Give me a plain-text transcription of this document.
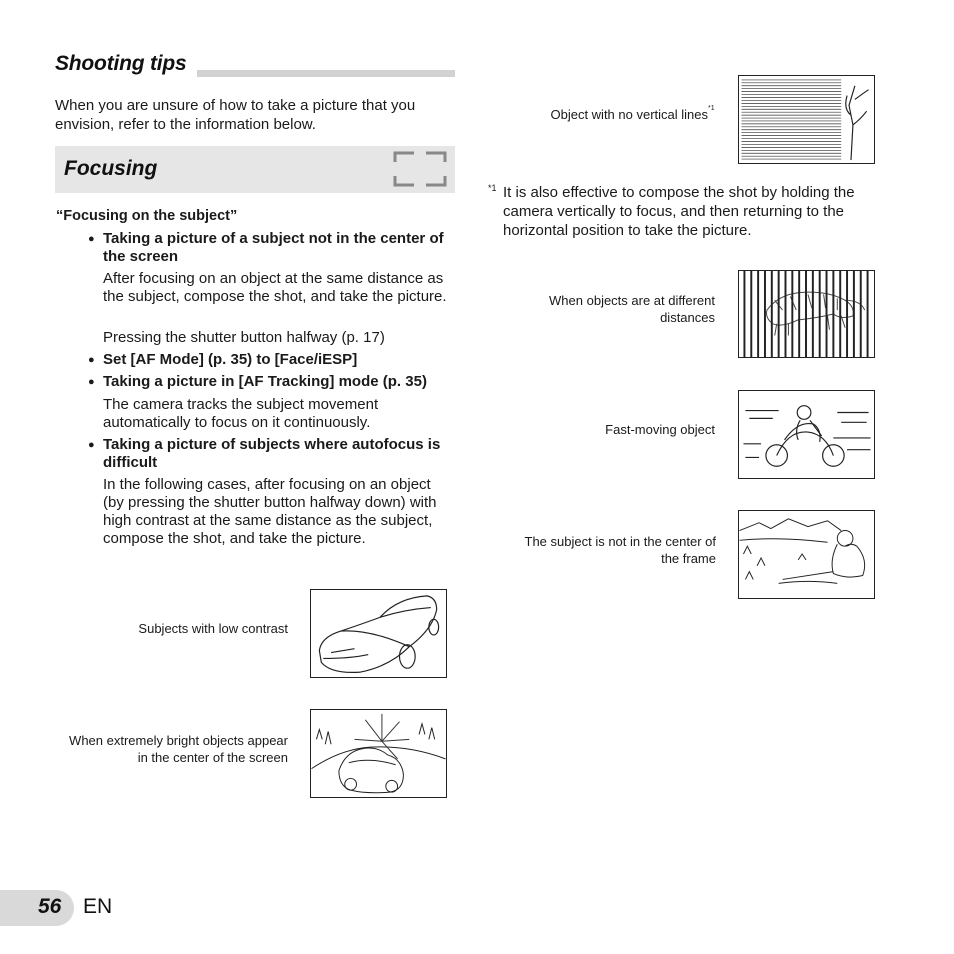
Shooting tips
When you are unsure of how to take a picture that you envision, refer to the information below.
Focusing
“Focusing on the subject”
● Taking a picture of a subject not in the center of the screen
After focusing on an object at the same distance as the subject, compose the shot, and take the picture.
Pressing the shutter button halfway (p. 17)
● Set [AF Mode] (p. 35) to [Face/iESP]
● Taking a picture in [AF Tracking] mode (p. 35)
The camera tracks the subject movement automatically to focus on it continuously.
● Taking a picture of subjects where autofocus is difficult
In the following cases, after focusing on an object (by pressing the shutter button halfway down) with high contrast at the same distance as the subject, compose the shot, and take the picture.
Subjects with low contrast
When extremely bright objects appear in the center of the screen
Object with no vertical lines *1
*1 It is also effective to compose the shot by holding the camera vertically to focus, and then returning to the horizontal position to take the picture.
When objects are at different distances
Fast-moving object
The subject is not in the center of the frame
56 EN
